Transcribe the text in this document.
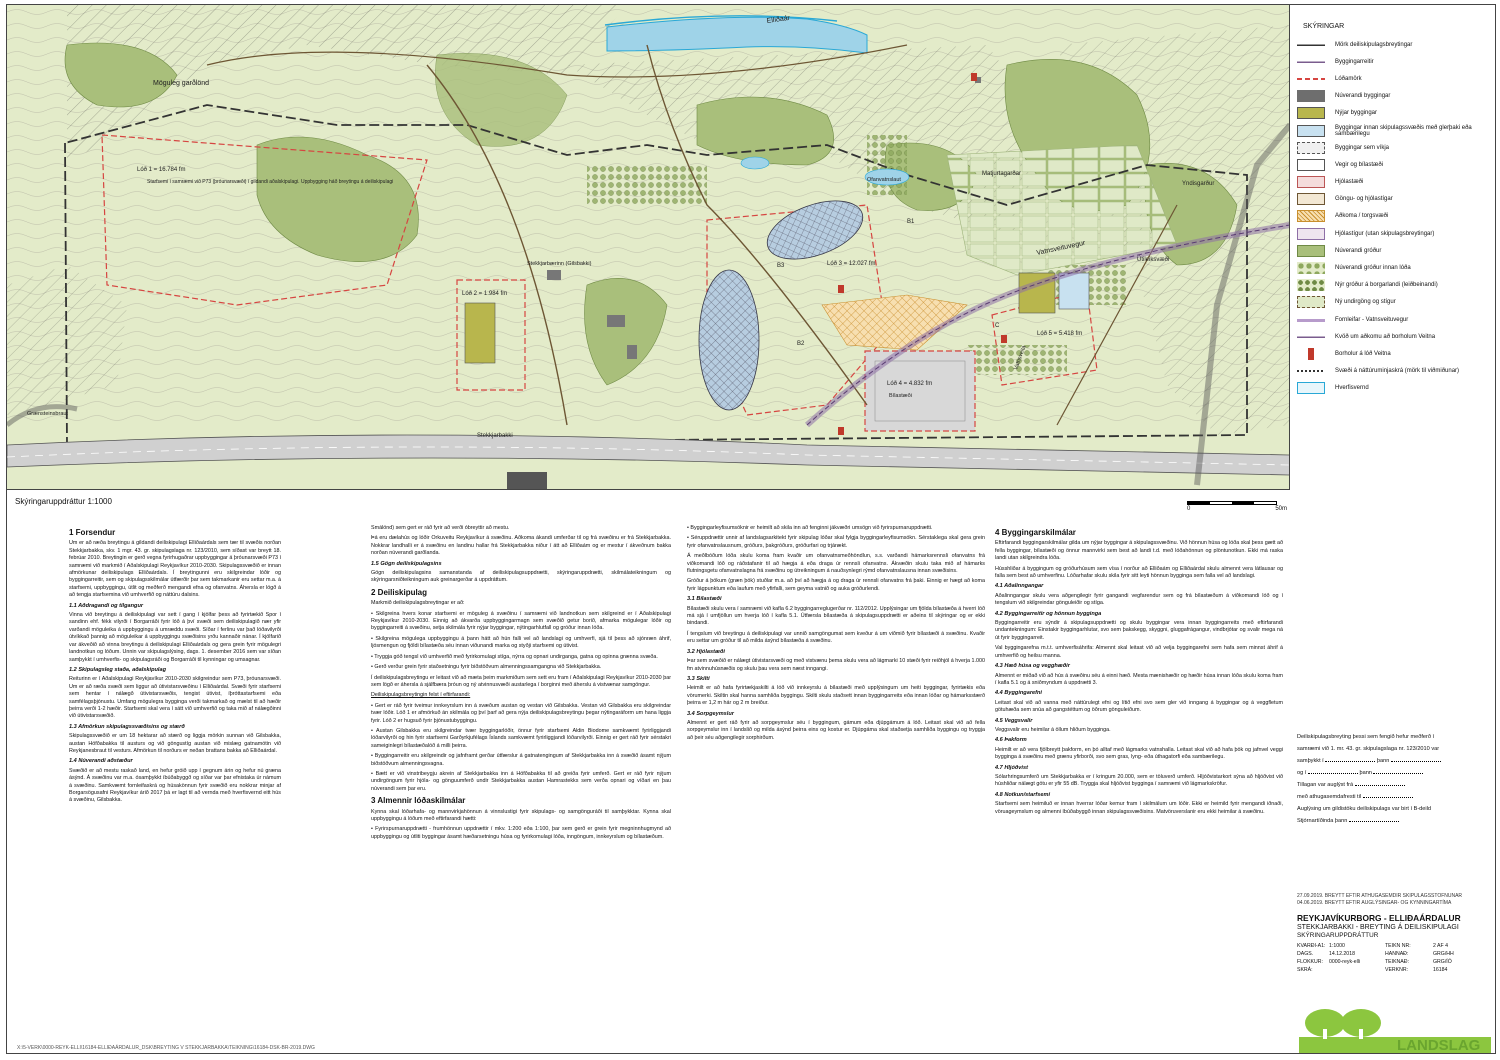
Möguleg garðlönd
Lóð 1 = 16.784 fm
Starfsemi í samræmi við P73 (þróunarsvæði) í gildandi aðalskipulagi. Uppbygging háð breytingu á deiliskipulagi
Lóð 2 = 1.984 fm
Stekkjarbærinn (Gilsbakki)	Lóð 3 = 12.027 fm
Lóð 4 = 4.832 fm
Bílastæði
Lóð 5 = 5.418 fm
Vatnsveita
Stekkjarbakki
Grænsteinsbraut
Elliðaár
Vatnsveituvegur
Matjurtagarðar
Yndisgarður
Útileiksvæði
Ofanvatnslaut
B1
B2
B3
C
Skýringaruppdráttur 1:1000
0	50m
SKÝRINGAR
Mörk deiliskipulagsbreytingar
Byggingarreitir
Lóðamörk
Núverandi byggingar
Nýjar byggingar
Byggingar innan skipulagssvæðis með glerþaki eða sambærilegu
Byggingar sem víkja
Vegir og bílastæði
Hjólastæði
Göngu- og hjólastígar
Aðkoma / torgsvæði
Hjólastígur (utan skipulagsbreytingar)
Núverandi gróður
Núverandi gróður innan lóða
Nýr gróður á borgarlandi (leiðbeinandi)
Ný undirgöng og stígur
Fornleifar - Vatnsveituvegur
Kvöð um aðkomu að borholum Veitna
Borholur á lóð Veitna
Svæði á náttúruminjaskrá (mörk til viðmiðunar)
Hverfisvernd
1 Forsendur

Um er að ræða breytingu á gildandi deiliskipulagi Elliðaárdals sem tær til svæðis norðan Stekkjarbakka, skv. 1 mgr. 43. gr. skipulagslaga nr. 123/2010, sem síðast var breytt 18. febrúar 2010. Breytingin er gerð vegna fyrirhugaðrar uppbyggingar á þróunarsvæði P73 í samræmi við markmið í Aðalskipulagi Reykjavíkur 2010-2030. Skipulagssvæðið er innan afmörkunar deiliskipulags Elliðaárdals. Í breytingunni eru skilgreindar lóðir og byggingarreitir, sem og skipulagsskilmálar útfærðir þar sem takmarkanir eru settar m.a. á starfsemi, uppbyggingu, útlit og meðferð mengandi efna og ofanvatns. Áhersla er lögð á að tengja starfsemina við umhverfið og náttúru dalsins.

1.1 Aðdragandi og tilgangur

Vinna við breytingu á deiliskipulagi var sett í gang í kjölfar þess að fyrirtækið Spor í sandinn ehf. fékk vilyrði í Borgarráði fyrir lóð á því svæði sem deiliskipulagið nær yfir varðandi möguleika á uppbyggingu á umræddu svæði. Síðar í ferlinu var það lóðavilyrði útvíkkað þannig að möguleikar á uppbyggingu svæðisins yrðu kannaðir nánar. Í kjölfarið var ákveðið að vinna breytingu á deiliskipulagi Elliðaárdals og gera grein fyrir mögulegri landnotkun og lóðum. Unnin var skipulagslýsing, dags. 1. desember 2016 sem var síðan samþykkt í umhverfis- og skipulagsráði og Borgarráði til kynningar og umsagnar.

1.2 Skipulagsleg staða, aðalskipulag

Reiturinn er í Aðalskipulagi Reykjavíkur 2010-2030 skilgreindur sem P73, þróunarsvæði. Um er að ræða svæði sem liggur að útivistarsvæðinu í Elliðaárdal. Svæði fyrir starfsemi sem hentar í nálægð útivistarsvæðis, tengist útivist, íþróttastarfsemi eða samfélagsþjónustu. Umfang mögulegra bygginga verði takmarkað og mælst til að hæðir þeirra verði 1-2 hæðir. Starfsemi skal vera í sátt við umhverfið og taka mið af nálægðinni við útivistarsvæðið.

1.3 Afmörkun skipulagssvæðisins og stærð

Skipulagssvæðið er um 18 hektarar að stærð og liggja mörkin sunnan við Gilsbakka, austan Höfðabakka til austurs og við göngustíg austan við mislæg gatnamótin við Reykjanesbraut til vesturs. Afmörkun til norðurs er neðan brattans bakka að Elliðaárdal.

1.4 Núverandi aðstæður

Svæðið er að mestu raskað land, en hefur gróið upp í gegnum árin og hefur nú græna ásýnd. Á svæðinu var m.a. ósamþykkt íbúðabyggð og síðar var þar efnistaka úr námum á svæðinu. Samkvæmt fornleifaskrá og húsakönnun fyrir svæðið eru nokkrar minjar af Borgarsögusafni Reykjavíkur árið 2017 þá er lagt til að vernda með hverfisvernd eitt hús á svæðinu, Gilsbakka.

Smálönd) sem gert er ráð fyrir að verði óbreyttir að mestu.

Þá eru dælahús og lóðir Orkuveitu Reykjavíkur á svæðinu. Aðkoma ákandi umferðar til og frá svæðinu er frá Stekkjarbakka. Nokkrar landhalli er á svæðinu en landinu hallar frá Stekkjarbakka niður í átt að Elliðaám og er mestur í ákveðnum bakka norðan núverandi garðlanda.

1.5 Gögn deiliskipulagsins

Gögn deiliskipulagsins samanstanda af deiliskipulagsuppdrætti, skýringaruppdrætti, skilmálateikningum og skýringarsniðteikningum auk greinargerðar á uppdráttum.

2 Deiliskipulag

Markmið deiliskipulagsbreytingar er að:

• Skilgreina hvers konar starfsemi er möguleg á svæðinu í samræmi við landnotkun sem skilgreind er í Aðalskipulagi Reykjavíkur 2010-2030. Einnig að ákvarða uppbyggingarmagn sem svæðið getur borið, afmarka mögulegar lóðir og byggingarreiti á svæðinu, setja skilmála fyrir nýjar byggingar, nýtingarhlutfall og gróður innan lóða.

• Skilgreina mögulega uppbyggingu á þann hátt að hún falli vel að landslagi og umhverfi, sjá til þess að sjónræn áhrif, ljósmengun og fjöldi bílastæða séu innan viðunandi marka og styðji starfsemi og útivist.

• Tryggja góð tengsl við umhverfið með fyrirkomulagi stíga, nýrra og opnari undirganga, gatna og opinna grænna svæða.

• Gerð verður grein fyrir staðsetningu fyrir biðstöðvum almenningssamgangna við Stekkjarbakka.

Í deiliskipulagsbreytingu er leitast við að mæta þeim markmiðum sem sett eru fram í Aðalskipulagi Reykjavíkur 2010-2030 þar sem lögð er áhersla á sjálfbæra þróun og ný atvinnusvæði austarlega í borginni með áherslu á vistvænar samgöngur.

Deiliskipulagsbreytingin felst í eftirfarandi:

• Gert er ráð fyrir tveimur innkeyrslum inn á svæðum austan og vestan við Gilsbakka. Vestan við Gilsbakka eru skilgreindar tvær lóðir. Lóð 1 er afmörkuð án skilmála og því þarf að gera nýja deiliskipulagsbreytingu þegar nýtingaráform um hana liggja fyrir. Lóð 2 er hugsuð fyrir þjónustubyggingu.

• Austan Gilsbakka eru skilgreindar tvær byggingarlóðir, önnur fyrir starfsemi Aldin Biodome samkvæmt fyrirliggjandi lóðarvilyrði og hin fyrir starfsemi Garðyrkjufélags Íslands samkvæmt fyrirliggjandi lóðarvilyrði. Einnig er gert ráð fyrir sérstakri sameiginlegri bílastæðalóð á milli þeirra.

• Byggingarreitir eru skilgreindir og jafnframt gerðar útfærslur á gatnatengingum af Stekkjarbakka inn á svæðið ásamt nýjum biðstöðvum almenningsvagna.

• Bætt er við vinstribeygju akrein af Stekkjarbakka inn á Höfðabakka til að greiða fyrir umferð. Gert er ráð fyrir nýjum undirgöngum fyrir hjóla- og gönguumferð undir Stekkjarbakka austan Hamrastekks sem verða opnari og víðari en þau núverandi sem þar eru.

3 Almennir lóðaskilmálar

Kynna skal lóðarhafa- og mannvirkjahönnun á vinnslustigi fyrir skipulags- og samgönguráði til samþykktar. Kynna skal uppbyggingu á lóðum með eftirfarandi hætti:

• Fyrirspurnaruppdrætti - frumhönnun uppdrættir í mkv. 1:200 eða 1:100, þar sem gerð er grein fyrir megninnhugmynd að uppbyggingu og útliti byggingar ásamt hæðarsetningu húsa og fyrirkomulagi lóða, inngöngum, innkeyrslum og bílastæðum.

• Byggingarleyfisumsóknir er heimilt að skila inn að fenginni jákvæðri umsögn við fyrirspurnaruppdrætti.

• Séruppdrættir unnir af landslagsarkitekt fyrir skipulag lóðar skal fylgja byggingarleyfisumsókn. Sérstaklega skal gera grein fyrir ofanvatnslausnum, gróðurs, þakgróðurs, gróðurfari og trjárækt.

Á meðlbóðum lóða skulu koma fram kvaðir um ofanvatnsmeðhöndlun, s.s. varðandi hámarksrennsli ofanvatns frá viðkomandi lóð og ráðstafanir til að hægja á eða draga úr rennsli ofanvatns. Ákvæðin skulu taka mið af hámarks flutningsgetu ofanvatnslagna frá svæðinu og útreikningum á nauðsynlegri rýmd ofanvatnslausna innan svæðisins.

Gróður á þökum (græn þök) stuðlar m.a. að því að hægja á og draga úr rennsli ofanvatns frá þaki. Einnig er hægt að koma fyrir lágpunktum eða laufum með yfirfalli, sem geyma vatnið og auka gróðurlendi.

3.1 Bílastæði

Bílastæði skulu vera í samræmi við kafla 6.2 byggingarreglugerðar nr. 112/2012. Upplýsingar um fjölda bílastæða á hverri lóð má sjá í umfjöllun um hverja lóð í kafla 5.1. Útfærsla bílastæða á skipulagsuppdrætti er aðeins til skýringar og er ekki bindandi.

Í tengslum við breytingu á deiliskipulagi var unnið samgöngumat sem kveður á um viðmið fyrir bílastæði á svæðinu. Kvaðir eru settar um gróður til að milda ásýnd bílastæða á svæðinu.

3.2 Hjólastæði

Þar sem svæðið er nálægt útivistarsvæði og með vistvænu þema skulu vera að lágmarki 10 stæði fyrir reiðhjól á hverja 1.000 fm atvinnuhúsnæðis og skulu þau vera sem næst inngangi.

3.3 Skilti

Heimilt er að hafa fyrirtækjaskilti á lóð við innkeyrslu á bílastæði með upplýsingum um heiti byggingar, fyrirtækis eða vörumerki. Skiltin skal hanna samhliða byggingu. Skilti skulu staðsett innan byggingarreits eða innan lóðar og hámarksstærð þeirra er 1,2 m hár og 2 m breiður.

3.4 Sorpgeymslur

Almennt er gert ráð fyrir að sorpgeymslur séu í byggingum, gámum eða djúpgámum á lóð. Leitast skal við að fella sorpgeymslur inn í landslið og milda ásýnd þeirra eins og kostur er. Djúpgáma skal staðsetja samhliða byggingu og tryggja að þeir séu aðgengilegir sorphirðum.

4 Byggingarskilmálar

Eftirfarandi byggingarskilmálar gilda um nýjar byggingar á skipulagssvæðinu. Við hönnun húsa og lóða skal þess gætt að fella byggingar, bílastæði og önnur mannvirki sem best að landi t.d. með lóðahönnun og plöntunotkun. Ekki má raska landi utan skilgreindra lóða.

Hússhliðar á byggingum og gróðurhúsum sem vísa í norður að Elliðaám og Elliðaárdal skulu almennt vera látlausar og falla sem best að umhverfinu. Lóðarhafar skulu skila fyrir sitt leyti hönnun bygginga sem falla vel að landslagi.

4.1 Aðalinngangar

Aðalinngangar skulu vera aðgengilegir fyrir gangandi vegfarendur sem og frá bílastæðum á viðkomandi lóð og í tengslum við skilgreindar gönguleiðir og stíga.

4.2 Byggingarreitir og hönnun bygginga

Byggingarreitir eru sýndir á skipulagsuppdrætti og skulu byggingar vera innan byggingarreits með eftirfarandi undantekningum: Einstakir byggingarhlutar, svo sem þakskegg, skyggni, gluggafrágangur, vindbrjótar og svalir mega ná út fyrir byggingarreit.

Val byggingarefna m.t.t. umhverfisáhrifa: Almennt skal leitast við að velja byggingarefni sem hafa sem minnst áhrif á umhverfið og heilsu manna.

4.3 Hæð húsa og vegghæðir

Almennt er miðað við að hús á svæðinu séu á einni hæð. Mesta mænishæðir og hæðir húsa innan lóða skulu koma fram í kafla 5.1 og á sniðmyndum á uppdrætti 3.

4.4 Byggingarefni

Leitast skal við að vanna með náttúrulegt efni og lítið efni svo sem gler við inngang á byggingar og á veggfletum götuhæða sem snúa að gangstéttum og öðrum gönguleiðum.

4.5 Veggsvalir

Veggsvalir eru heimilar á öllum hliðum bygginga.

4.6 Þakform

Heimilt er að vera fjölbreytt þakform, en þó alltaf með lágmarks vatnshalla. Leitast skal við að hafa þök og jafnvel veggi bygginga á svæðinu með grænu yfirborði, svo sem gras, lyng- eða úthagatorfi eða sambærilegu.

4.7 Hljóðvist

Sólarhringsumferð um Stekkjarbakka er í kringum 20.000, sem er töluverð umferð. Hljóðvistarkort sýna að hljóðvist við húshliðar nálægt götu er yfir 55 dB. Tryggja skal hljóðvist bygginga í samræmi við lágmarkskröfur.

4.8 Notkun/starfsemi

Starfsemi sem heimiluð er innan hverrar lóðar kemur fram í skilmálum um lóðir. Ekki er heimild fyrir mengandi iðnaði, vöruageymslum og almenni íbúðabyggð innan skipulagssvæðisins. Matvöruverslanir eru ekki heimilar á svæðinu.

Deiliskipulagsbreyting þessi sem fengið hefur meðferð í
samræmi við 1. mr. 43. gr. skipulagslaga nr. 123/2010 var
samþykkt í	þann
og í	þann
Tillagan var auglýst frá
með athugasemdafresti til
Auglýsing um gildistöku deiliskipulags var birt í B-deild
Stjórnartíðinda þann
27.09.2019. BREYTT EFTIR ATHUGASEMDIR SKIPULAGSSTOFNUNAR
04.06.2019. BREYTT EFTIR AUGLÝSINGAR- OG KYNNINGARTÍMA
REYKJAVÍKURBORG - ELLIÐAÁRDALUR
STEKKJARBAKKI - BREYTING Á DEILISKIPULAGI
SKÝRINGARUPPDRÁTTUR
KVARÐI-A1: 1:1000	TEIKN NR:	2 AF 4
DAGS.	14.12.2018	HANNAÐ:	GRG/HH
FLOKKUR:	0000-reyk-elli	TEIKNAÐ:	GRG/ÍÓ
SKRÁ:	VERKNR:	16184
LANDSLAG
X:\5-VERK\0000-REYK-ELLI\16184-ELLIÐAÁRDALUR_DSK\BREYTING V STEKKJARBAKKA\TEIKNING\16184-DSK-BR-2019.DWG
